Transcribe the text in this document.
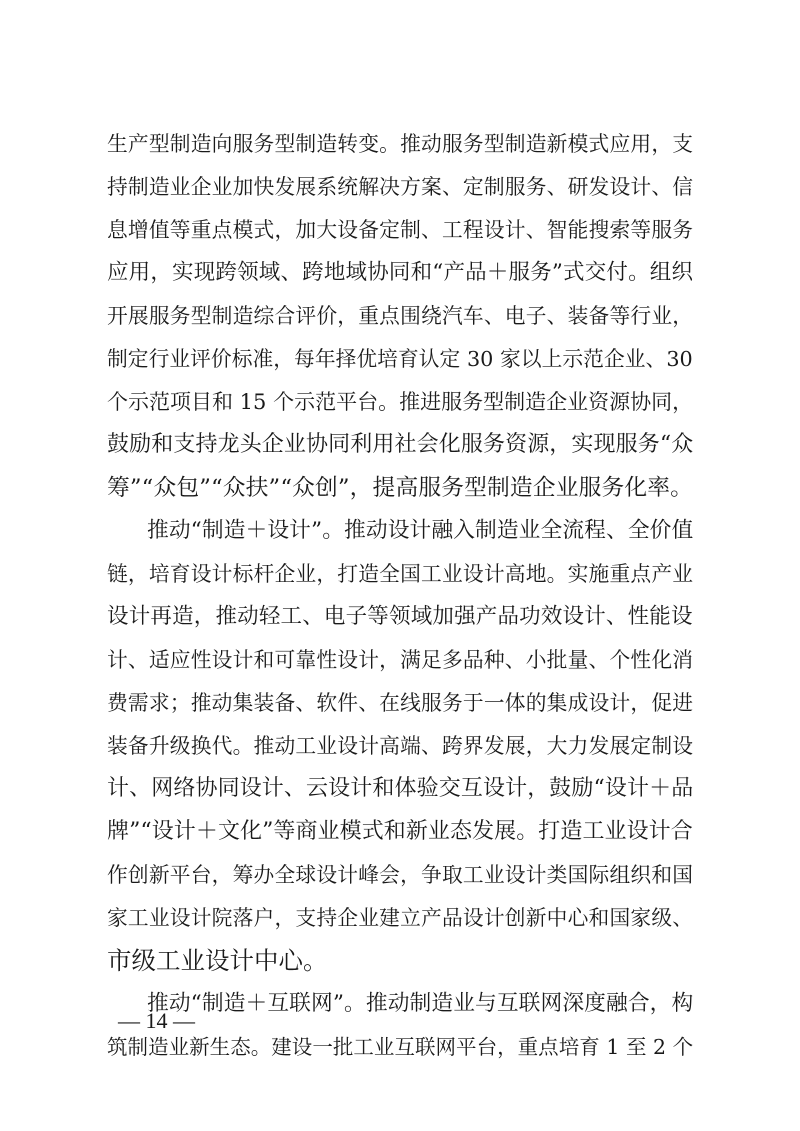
生产型制造向服务型制造转变。推动服务型制造新模式应用，支
持制造业企业加快发展系统解决方案、定制服务、研发设计、信
息增值等重点模式，加大设备定制、工程设计、智能搜索等服务
应用，实现跨领域、跨地域协同和“产品＋服务”式交付。组织
开展服务型制造综合评价，重点围绕汽车、电子、装备等行业，
制定行业评价标准，每年择优培育认定 30 家以上示范企业、30
个示范项目和 15 个示范平台。推进服务型制造企业资源协同，
鼓励和支持龙头企业协同利用社会化服务资源，实现服务“众
筹”“众包”“众扶”“众创”，提高服务型制造企业服务化率。
推动“制造＋设计”。推动设计融入制造业全流程、全价值
链，培育设计标杆企业，打造全国工业设计高地。实施重点产业
设计再造，推动轻工、电子等领域加强产品功效设计、性能设
计、适应性设计和可靠性设计，满足多品种、小批量、个性化消
费需求；推动集装备、软件、在线服务于一体的集成设计，促进
装备升级换代。推动工业设计高端、跨界发展，大力发展定制设
计、网络协同设计、云设计和体验交互设计，鼓励“设计＋品
牌”“设计＋文化”等商业模式和新业态发展。打造工业设计合
作创新平台，筹办全球设计峰会，争取工业设计类国际组织和国
家工业设计院落户，支持企业建立产品设计创新中心和国家级、
市级工业设计中心。
推动“制造＋互联网”。推动制造业与互联网深度融合，构
筑制造业新生态。建设一批工业互联网平台，重点培育 1 至 2 个
— 14 —
